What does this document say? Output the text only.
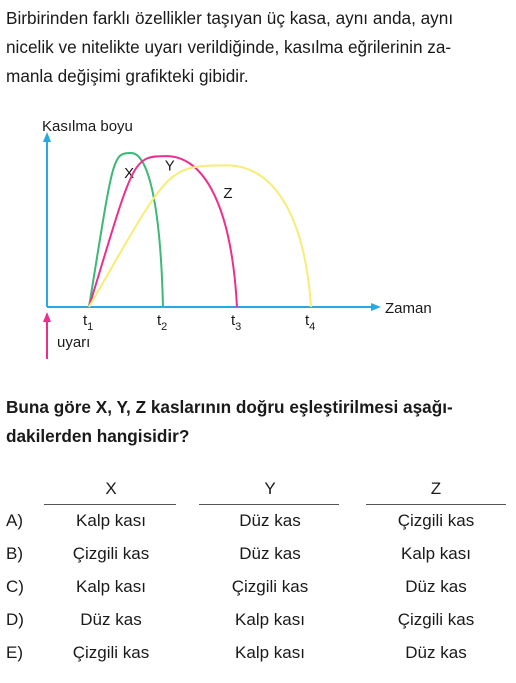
Birbirinden farklı özellikler taşıyan üç kasa, aynı anda, aynı
nicelik ve nitelikte uyarı verildiğinde, kasılma eğrilerinin za-
manla değişimi grafikteki gibidir.
Kasılma boyu
Zaman
uyarı
X Y
Z
$t_1$	$t_2$	$t_3$	$t_4$
Buna göre X, Y, Z kaslarının doğru eşleştirilmesi aşağı-
dakilerden hangisidir?
X	Y	Z
A)	Kalp kası	Düz kas	Çizgili kas
B)	Çizgili kas	Düz kas	Kalp kası
C)	Kalp kası	Çizgili kas	Düz kas
D)	Düz kas	Kalp kası	Çizgili kas
E)	Çizgili kas	Kalp kası	Düz kas
